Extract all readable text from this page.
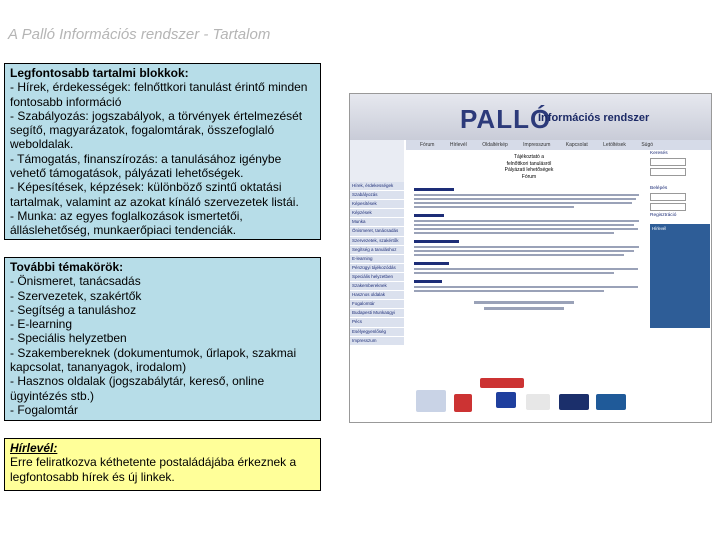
A Palló Információs rendszer - Tartalom
Legfontosabb tartalmi blokkok:
- Hírek, érdekességek: felnőttkori tanulást érintő minden
fontosabb információ
- Szabályozás: jogszabályok, a törvények értelmezését
segítő, magyarázatok, fogalomtárak, összefoglaló
weboldalak.
- Támogatás, finanszírozás: a tanulásához igénybe
vehető támogatások, pályázati lehetőségek.
- Képesítések, képzések: különböző szintű oktatási
tartalmak, valamint az azokat kínáló szervezetek listái.
- Munka: az egyes foglalkozások ismertetői,
álláslehetőség, munkaerőpiaci tendenciák.
További témakörök:
- Önismeret, tanácsadás
- Szervezetek, szakértők
- Segítség a tanuláshoz
- E-learning
- Speciális helyzetben
- Szakembereknek (dokumentumok, űrlapok, szakmai
kapcsolat, tananyagok, irodalom)
- Hasznos oldalak (jogszabálytár, kereső, online
ügyintézés stb.)
- Fogalomtár
Hírlevél:
Erre feliratkozva kéthetente postaládájába érkeznek a
legfontosabb hírek és új linkek.
PALLÓ
Információs rendszer
Fórum	Hírlevél	Oldaltérkép	Impresszum	Kapcsolat	Letöltések	Súgó
Hírek, érdekességek
Szabályozás
Képesítések
Képzések
Munka
Önismeret, tanácsadás
Szervezetek, szakértők
Segítség a tanuláshoz
E-learning
Pénzügyi tájékozódás
Speciális helyzetben
Szakembereknek
Hasznos oldalak
Fogalomtár
Budapesti Munkaügyi
Pécs
Esélyegyenlőség
Impresszum
Tájékoztató a
felnőttkori tanulásról
Pályázati lehetőségek
Fórum
Keresés
Belépés
Regisztráció
Hírlevél
